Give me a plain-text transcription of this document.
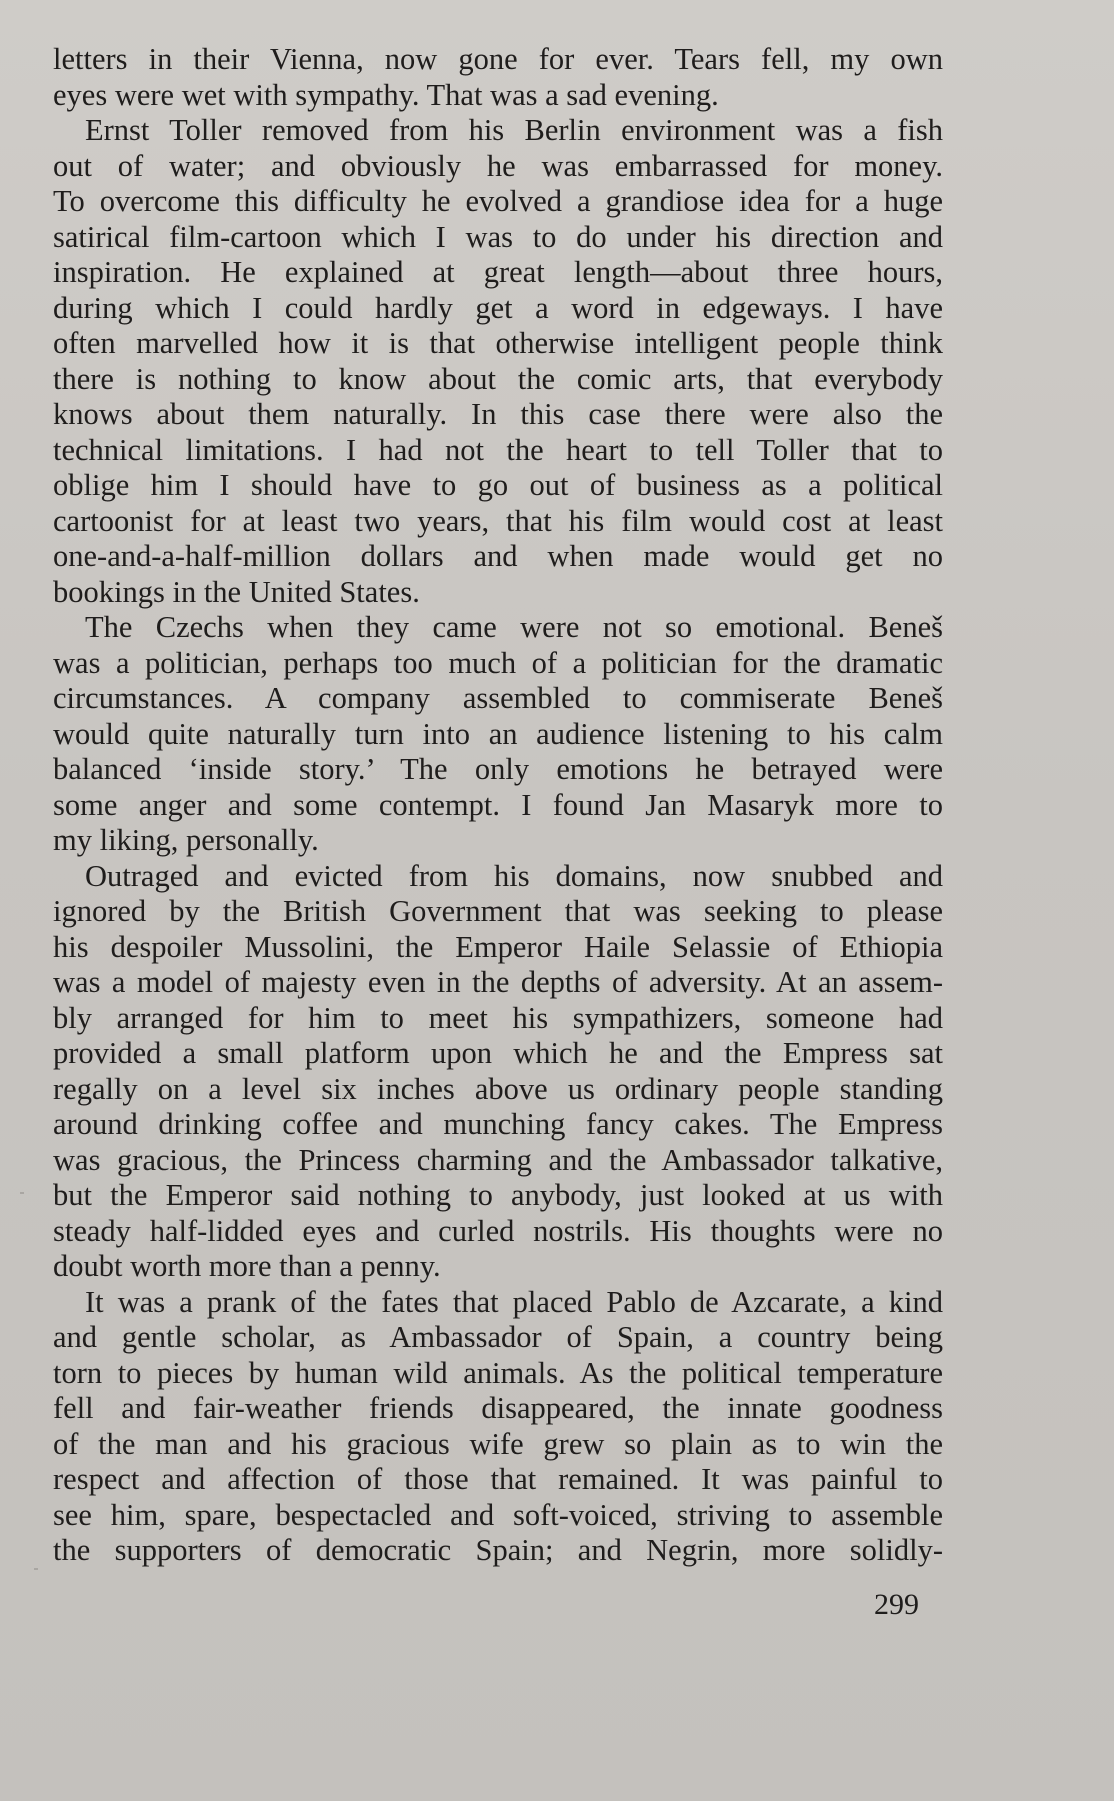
letters in their Vienna, now gone for ever. Tears fell, my own
eyes were wet with sympathy. That was a sad evening.
Ernst Toller removed from his Berlin environment was a fish
out of water; and obviously he was embarrassed for money.
To overcome this difficulty he evolved a grandiose idea for a huge
satirical film-cartoon which I was to do under his direction and
inspiration. He explained at great length—about three hours,
during which I could hardly get a word in edgeways. I have
often marvelled how it is that otherwise intelligent people think
there is nothing to know about the comic arts, that everybody
knows about them naturally. In this case there were also the
technical limitations. I had not the heart to tell Toller that to
oblige him I should have to go out of business as a political
cartoonist for at least two years, that his film would cost at least
one-and-a-half-million dollars and when made would get no
bookings in the United States.
The Czechs when they came were not so emotional. Beneš
was a politician, perhaps too much of a politician for the dramatic
circumstances. A company assembled to commiserate Beneš
would quite naturally turn into an audience listening to his calm
balanced ‘inside story.’ The only emotions he betrayed were
some anger and some contempt. I found Jan Masaryk more to
my liking, personally.
Outraged and evicted from his domains, now snubbed and
ignored by the British Government that was seeking to please
his despoiler Mussolini, the Emperor Haile Selassie of Ethiopia
was a model of majesty even in the depths of adversity. At an assem-
bly arranged for him to meet his sympathizers, someone had
provided a small platform upon which he and the Empress sat
regally on a level six inches above us ordinary people standing
around drinking coffee and munching fancy cakes. The Empress
was gracious, the Princess charming and the Ambassador talkative,
but the Emperor said nothing to anybody, just looked at us with
steady half-lidded eyes and curled nostrils. His thoughts were no
doubt worth more than a penny.
It was a prank of the fates that placed Pablo de Azcarate, a kind
and gentle scholar, as Ambassador of Spain, a country being
torn to pieces by human wild animals. As the political temperature
fell and fair-weather friends disappeared, the innate goodness
of the man and his gracious wife grew so plain as to win the
respect and affection of those that remained. It was painful to
see him, spare, bespectacled and soft-voiced, striving to assemble
the supporters of democratic Spain; and Negrin, more solidly-
299
